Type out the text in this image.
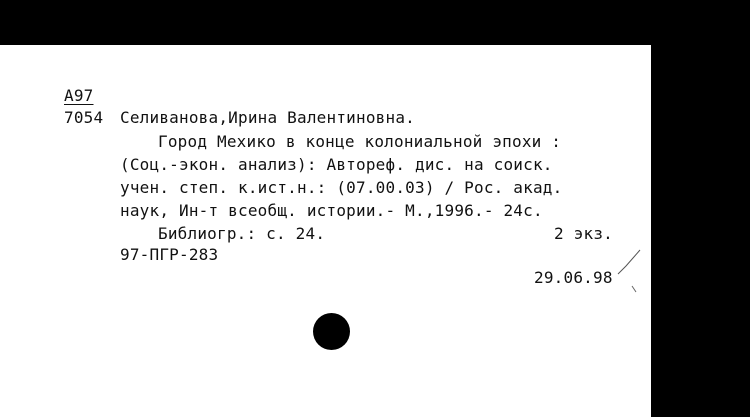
А97
7054 Селиванова,Ирина Валентиновна.
Город Мехико в конце колониальной эпохи :
(Соц.-экон. анализ): Автореф. дис. на соиск.
учен. степ. к.ист.н.: (07.00.03) / Рос. акад.
наук, Ин-т всеобщ. истории.- М.,1996.- 24с.
Библиогр.: с. 24.	2 экз.
97-ПГР-283
29.06.98
